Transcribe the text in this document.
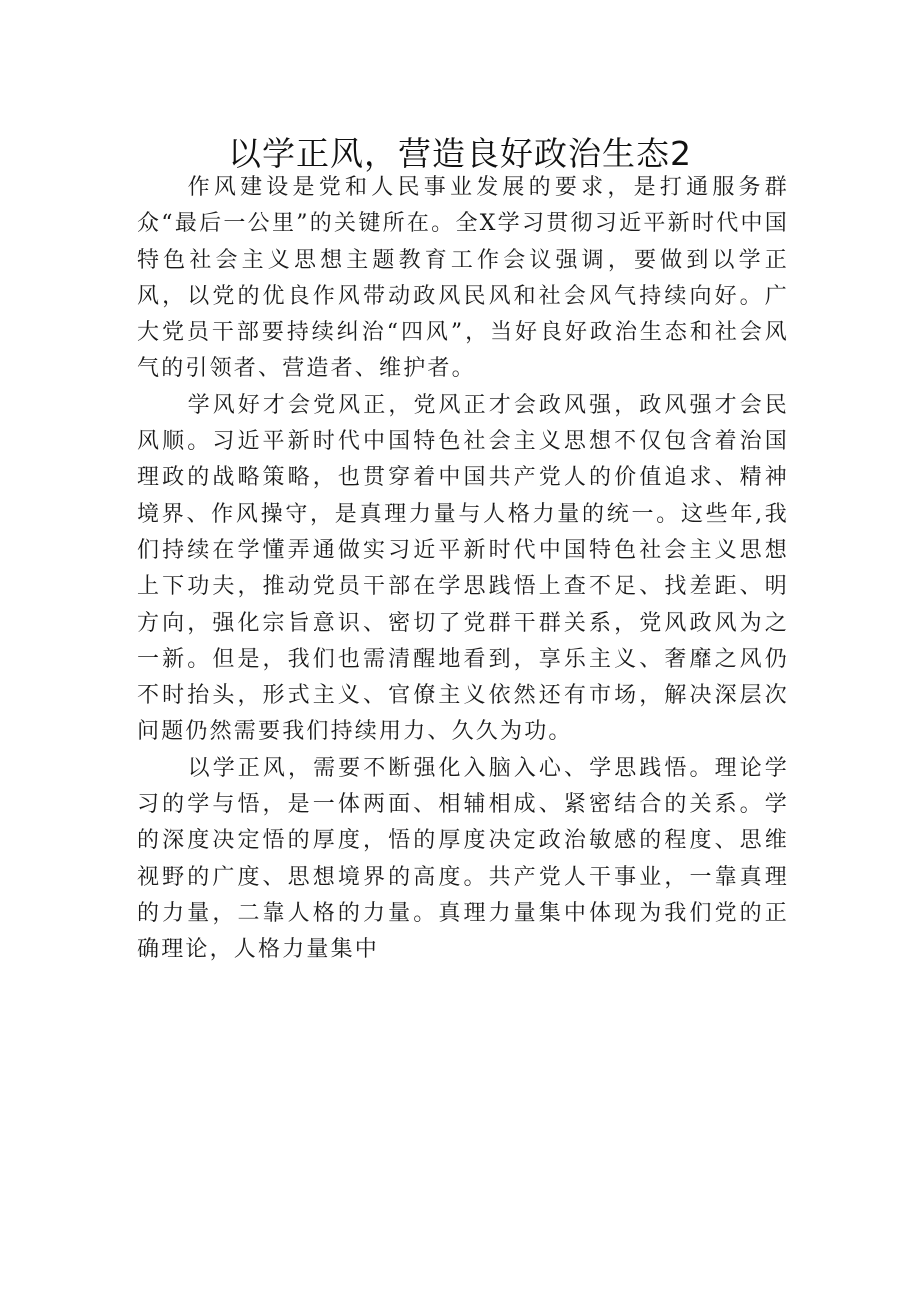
以学正风，营造良好政治生态2

作风建设是党和人民事业发展的要求，是打通服务群众“最后一公里”的关键所在。全X学习贯彻习近平新时代中国特色社会主义思想主题教育工作会议强调，要做到以学正风，以党的优良作风带动政风民风和社会风气持续向好。广大党员干部要持续纠治“四风”，当好良好政治生态和社会风气的引领者、营造者、维护者。

学风好才会党风正，党风正才会政风强，政风强才会民风顺。习近平新时代中国特色社会主义思想不仅包含着治国理政的战略策略，也贯穿着中国共产党人的价值追求、精神境界、作风操守，是真理力量与人格力量的统一。这些年,我们持续在学懂弄通做实习近平新时代中国特色社会主义思想上下功夫，推动党员干部在学思践悟上查不足、找差距、明方向，强化宗旨意识、密切了党群干群关系，党风政风为之一新。但是，我们也需清醒地看到，享乐主义、奢靡之风仍不时抬头，形式主义、官僚主义依然还有市场，解决深层次问题仍然需要我们持续用力、久久为功。

以学正风，需要不断强化入脑入心、学思践悟。理论学习的学与悟，是一体两面、相辅相成、紧密结合的关系。学的深度决定悟的厚度，悟的厚度决定政治敏感的程度、思维视野的广度、思想境界的高度。共产党人干事业，一靠真理的力量，二靠人格的力量。真理力量集中体现为我们党的正确理论，人格力量集中
